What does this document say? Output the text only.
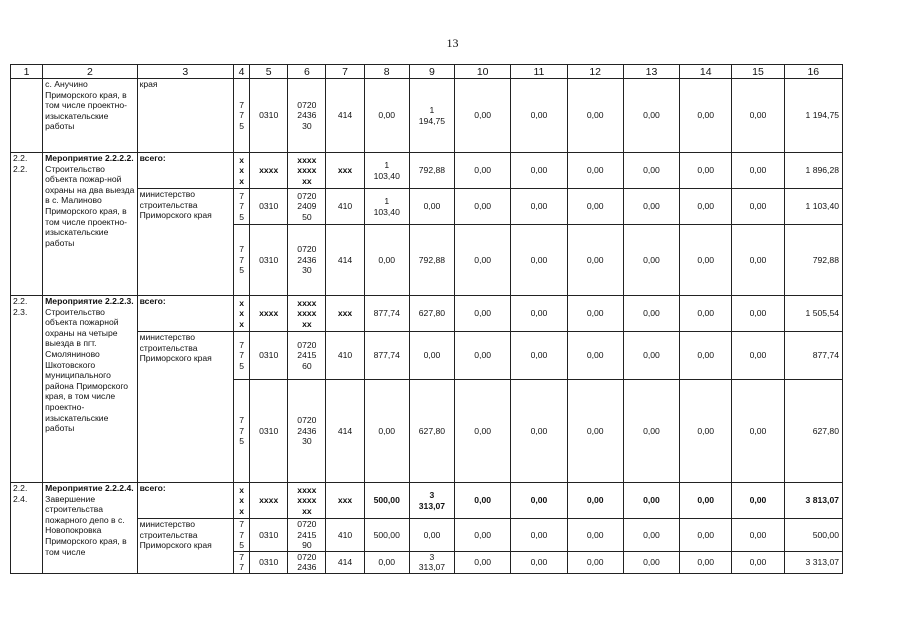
13
1	2	3	4	5	6	7	8	9	10	11	12	13	14	15	16
	с. Анучино Приморского края, в том числе проектно-изыскательские работы	края	7
7
5	0310	0720
2436
30	414	0,00	1
194,75	0,00	0,00	0,00	0,00	0,00	0,00	1 194,75
2.2. 2.2.	Мероприятие 2.2.2.2.
Строительство объекта пожар-ной охраны на два выезда в с. Малиново Приморского края, в том числе проектно-изыскательские работы	всего:	х
х
х	хххх	хххх
хххх
хх	ххх	1
103,40	792,88	0,00	0,00	0,00	0,00	0,00	0,00	1 896,28
		министерство строительства Приморского края	7
7
5	0310	0720
2409
50	410	1
103,40	0,00	0,00	0,00	0,00	0,00	0,00	0,00	1 103,40

			7
7
5	0310	0720
2436
30	414	0,00	792,88	0,00	0,00	0,00	0,00	0,00	0,00	792,88
2.2. 2.3.	Мероприятие 2.2.2.3.
Строительство объекта пожарной охраны на четыре выезда в пгт. Смоляниново Шкотовского муниципального района Приморского края, в том числе проектно-изыскательские работы	всего:	х
х
х	хххх	хххх
хххх
хх	ххх	877,74	627,80	0,00	0,00	0,00	0,00	0,00	0,00	1 505,54
		министерство строительства Приморского края	7
7
5	0310	0720
2415
60	410	877,74	0,00	0,00	0,00	0,00	0,00	0,00	0,00	877,74

			7
7
5	0310	0720
2436
30	414	0,00	627,80	0,00	0,00	0,00	0,00	0,00	0,00	627,80
2.2. 2.4.	Мероприятие 2.2.2.4.
Завершение строительства пожарного депо в с. Новопокровка Приморского края, в том числе	всего:	х
х
х	хххх	хххх
хххх
хх	ххх	500,00	3
313,07	0,00	0,00	0,00	0,00	0,00	0,00	3 813,07
		министерство строительства Приморского края	7
7
5	0310	0720
2415
90	410	500,00	0,00	0,00	0,00	0,00	0,00	0,00	0,00	500,00

			7
7	0310	0720
2436	414	0,00	3
313,07	0,00	0,00	0,00	0,00	0,00	0,00	3 313,07
